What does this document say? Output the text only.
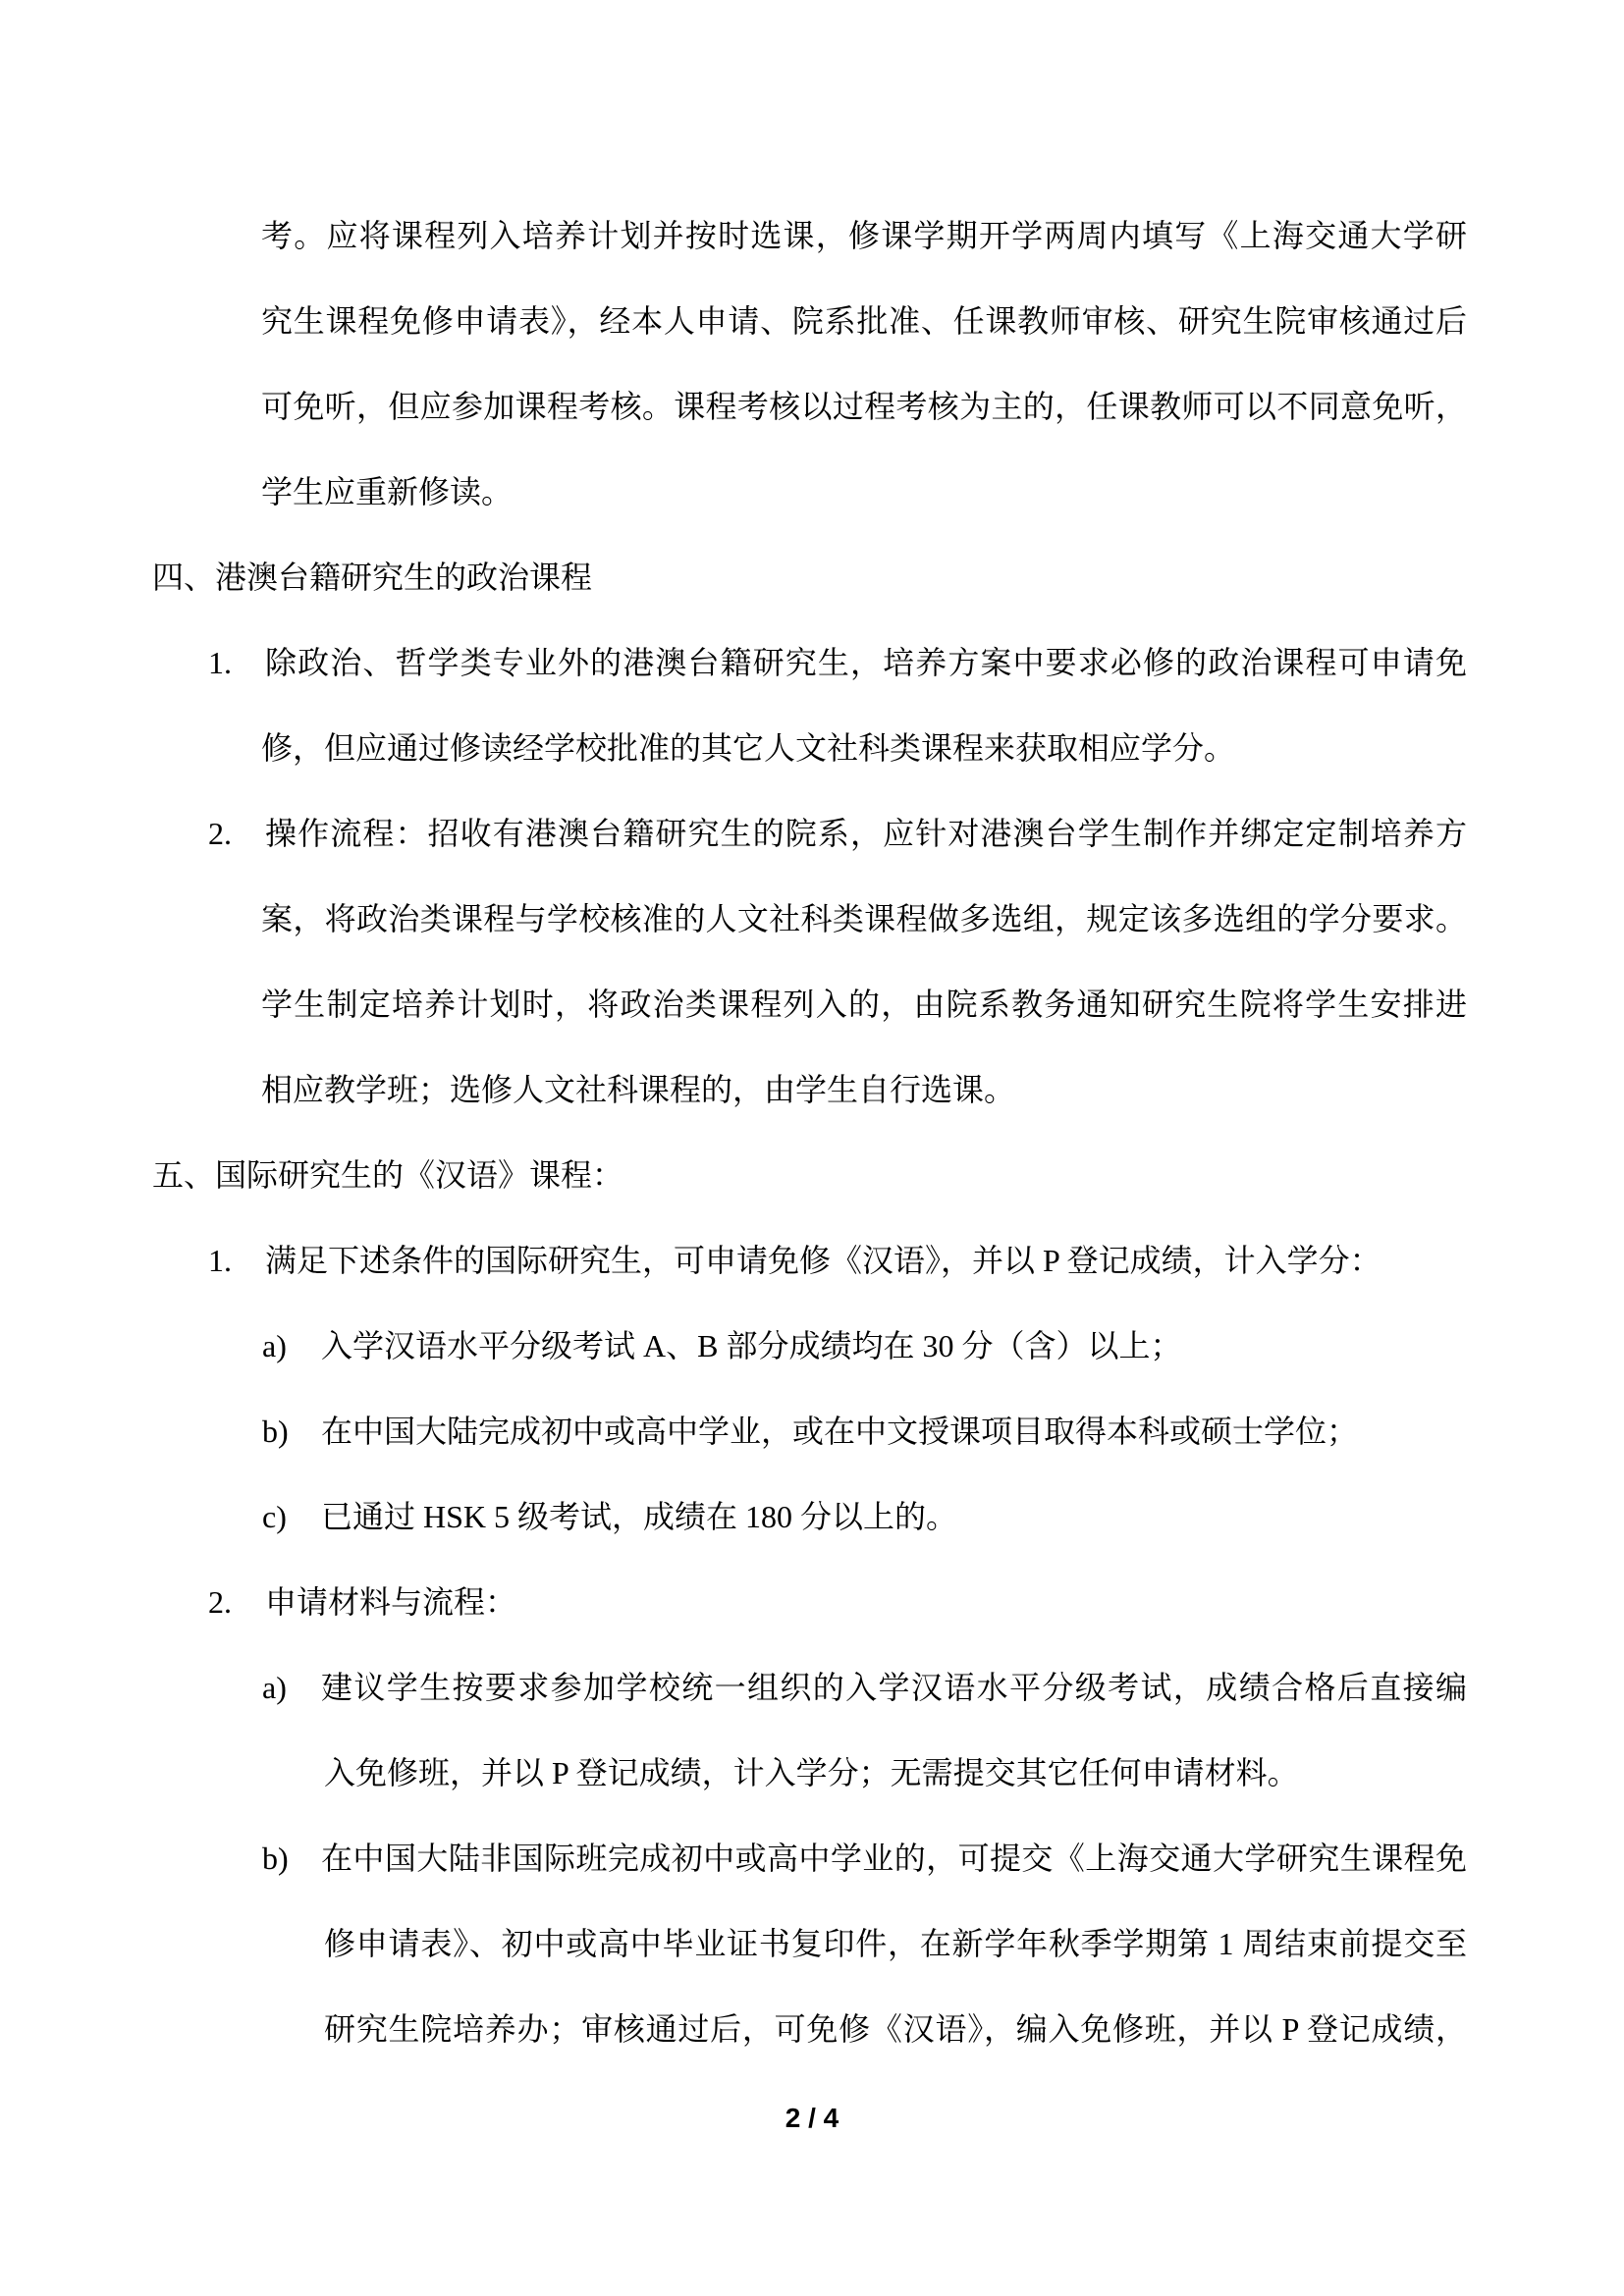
考。应将课程列入培养计划并按时选课，修课学期开学两周内填写《上海交通大学研
究生课程免修申请表》，经本人申请、院系批准、任课教师审核、研究生院审核通过后
可免听，但应参加课程考核。课程考核以过程考核为主的，任课教师可以不同意免听，
学生应重新修读。
四、港澳台籍研究生的政治课程
1. 除政治、哲学类专业外的港澳台籍研究生，培养方案中要求必修的政治课程可申请免
修，但应通过修读经学校批准的其它人文社科类课程来获取相应学分。
2. 操作流程：招收有港澳台籍研究生的院系，应针对港澳台学生制作并绑定定制培养方
案，将政治类课程与学校核准的人文社科类课程做多选组，规定该多选组的学分要求。
学生制定培养计划时，将政治类课程列入的，由院系教务通知研究生院将学生安排进
相应教学班；选修人文社科课程的，由学生自行选课。
五、国际研究生的《汉语》课程：
1. 满足下述条件的国际研究生，可申请免修《汉语》，并以 P 登记成绩，计入学分：
a) 入学汉语水平分级考试 A、B 部分成绩均在 30 分（含）以上；
b) 在中国大陆完成初中或高中学业，或在中文授课项目取得本科或硕士学位；
c) 已通过 HSK 5 级考试，成绩在 180 分以上的。
2. 申请材料与流程：
a) 建议学生按要求参加学校统一组织的入学汉语水平分级考试，成绩合格后直接编
入免修班，并以 P 登记成绩，计入学分；无需提交其它任何申请材料。
b) 在中国大陆非国际班完成初中或高中学业的，可提交《上海交通大学研究生课程免
修申请表》、初中或高中毕业证书复印件，在新学年秋季学期第 1 周结束前提交至
研究生院培养办；审核通过后，可免修《汉语》，编入免修班，并以 P 登记成绩，
2 / 4
